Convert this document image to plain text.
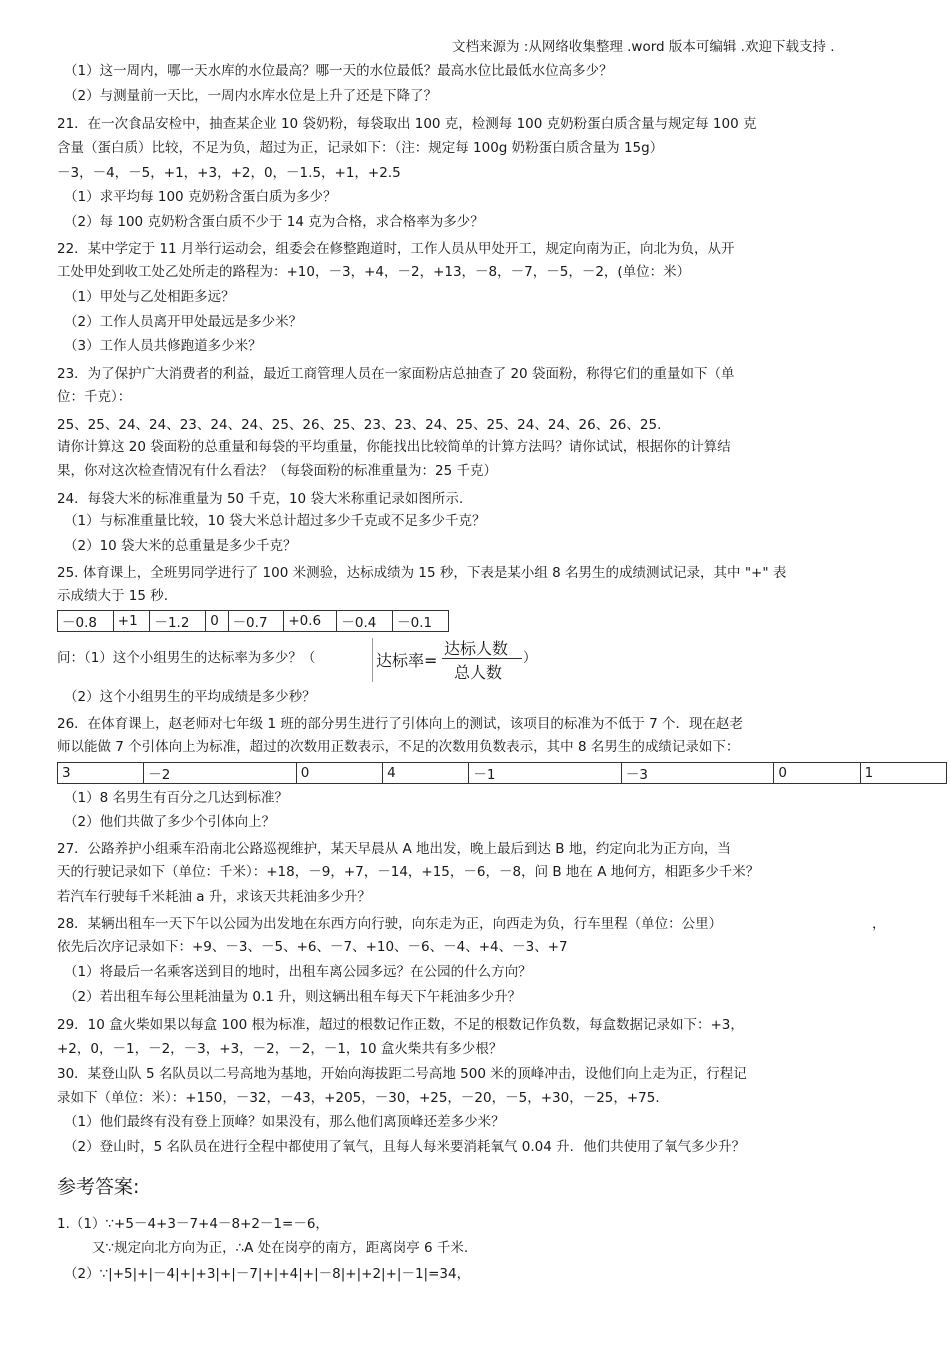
文档来源为 :从网络收集整理 .word 版本可编辑 .欢迎下载支持 .
（1）这一周内，哪一天水库的水位最高？哪一天的水位最低？最高水位比最低水位高多少？
（2）与测量前一天比，一周内水库水位是上升了还是下降了？
21．在一次食品安检中，抽查某企业 10 袋奶粉，每袋取出 100 克，检测每 100 克奶粉蛋白质含量与规定每 100 克
含量（蛋白质）比较，不足为负，超过为正，记录如下：（注：规定每 100g 奶粉蛋白质含量为 15g）
－3，－4，－5，+1，+3，+2，0，－1.5，+1，+2.5
（1）求平均每 100 克奶粉含蛋白质为多少？
（2）每 100 克奶粉含蛋白质不少于 14 克为合格，求合格率为多少？
22．某中学定于 11 月举行运动会，组委会在修整跑道时，工作人员从甲处开工，规定向南为正，向北为负，从开
工处甲处到收工处乙处所走的路程为：+10，－3，+4，－2，+13，－8，－7，－5，－2，(单位：米）
（1）甲处与乙处相距多远？
（2）工作人员离开甲处最远是多少米？
（3）工作人员共修跑道多少米？
23．为了保护广大消费者的利益，最近工商管理人员在一家面粉店总抽查了 20 袋面粉，称得它们的重量如下（单
位：千克）：
25、25、24、24、23、24、24、25、26、25、23、23、24、25、25、24、24、26、26、25.
请你计算这 20 袋面粉的总重量和每袋的平均重量，你能找出比较简单的计算方法吗？请你试试，根据你的计算结
果，你对这次检查情况有什么看法？（每袋面粉的标准重量为：25 千克）
24．每袋大米的标准重量为 50 千克，10 袋大米称重记录如图所示.
（1）与标准重量比较，10 袋大米总计超过多少千克或不足多少千克？
（2）10 袋大米的总重量是多少千克？
25. 体育课上，全班男同学进行了 100 米测验，达标成绩为 15 秒，下表是某小组 8 名男生的成绩测试记录，其中 "+" 表
示成绩大于 15 秒.
－0.8	+1	－1.2	0	－0.7	+0.6	－0.4	－0.1
问：（1）这个小组男生的达标率为多少？（	达标率=
达标人数
总人数
）
（2）这个小组男生的平均成绩是多少秒？
26．在体育课上，赵老师对七年级 1 班的部分男生进行了引体向上的测试，该项目的标准为不低于 7 个．现在赵老
师以能做 7 个引体向上为标准，超过的次数用正数表示，不足的次数用负数表示，其中 8 名男生的成绩记录如下：
3	－2	0	4	－1	－3	0	1
（1）8 名男生有百分之几达到标准？
（2）他们共做了多少个引体向上？
27．公路养护小组乘车沿南北公路巡视维护，某天早晨从 A 地出发，晚上最后到达 B 地，约定向北为正方向，当
天的行驶记录如下（单位：千米）：+18，－9，+7，－14，+15，－6，－8，问 B 地在 A 地何方，相距多少千米？
若汽车行驶每千米耗油 a 升，求该天共耗油多少升？
28．某辆出租车一天下午以公园为出发地在东西方向行驶，向东走为正，向西走为负，行车里程（单位：公里）	，
依先后次序记录如下：+9、－3、－5、+6、－7、+10、－6、－4、+4、－3、+7
（1）将最后一名乘客送到目的地时，出租车离公园多远？在公园的什么方向？
（2）若出租车每公里耗油量为 0.1 升，则这辆出租车每天下午耗油多少升？
29．10 盒火柴如果以每盒 100 根为标准，超过的根数记作正数，不足的根数记作负数，每盒数据记录如下：+3，
+2，0，－1，－2，－3，+3，－2，－2，－1，10 盒火柴共有多少根？
30．某登山队 5 名队员以二号高地为基地，开始向海拔距二号高地 500 米的顶峰冲击，设他们向上走为正，行程记
录如下（单位：米）：+150，－32，－43，+205，－30，+25，－20，－5，+30，－25，+75.
（1）他们最终有没有登上顶峰？如果没有，那么他们离顶峰还差多少米？
（2）登山时，5 名队员在进行全程中都使用了氧气，且每人每米要消耗氧气 0.04 升．他们共使用了氧气多少升？
参考答案:
1.（1）∵+5－4+3－7+4－8+2－1=－6，
又∵规定向北方向为正，∴A 处在岗亭的南方，距离岗亭 6 千米.
（2）∵|+5|+|－4|+|+3|+|－7|+|+4|+|－8|+|+2|+|－1|=34，
